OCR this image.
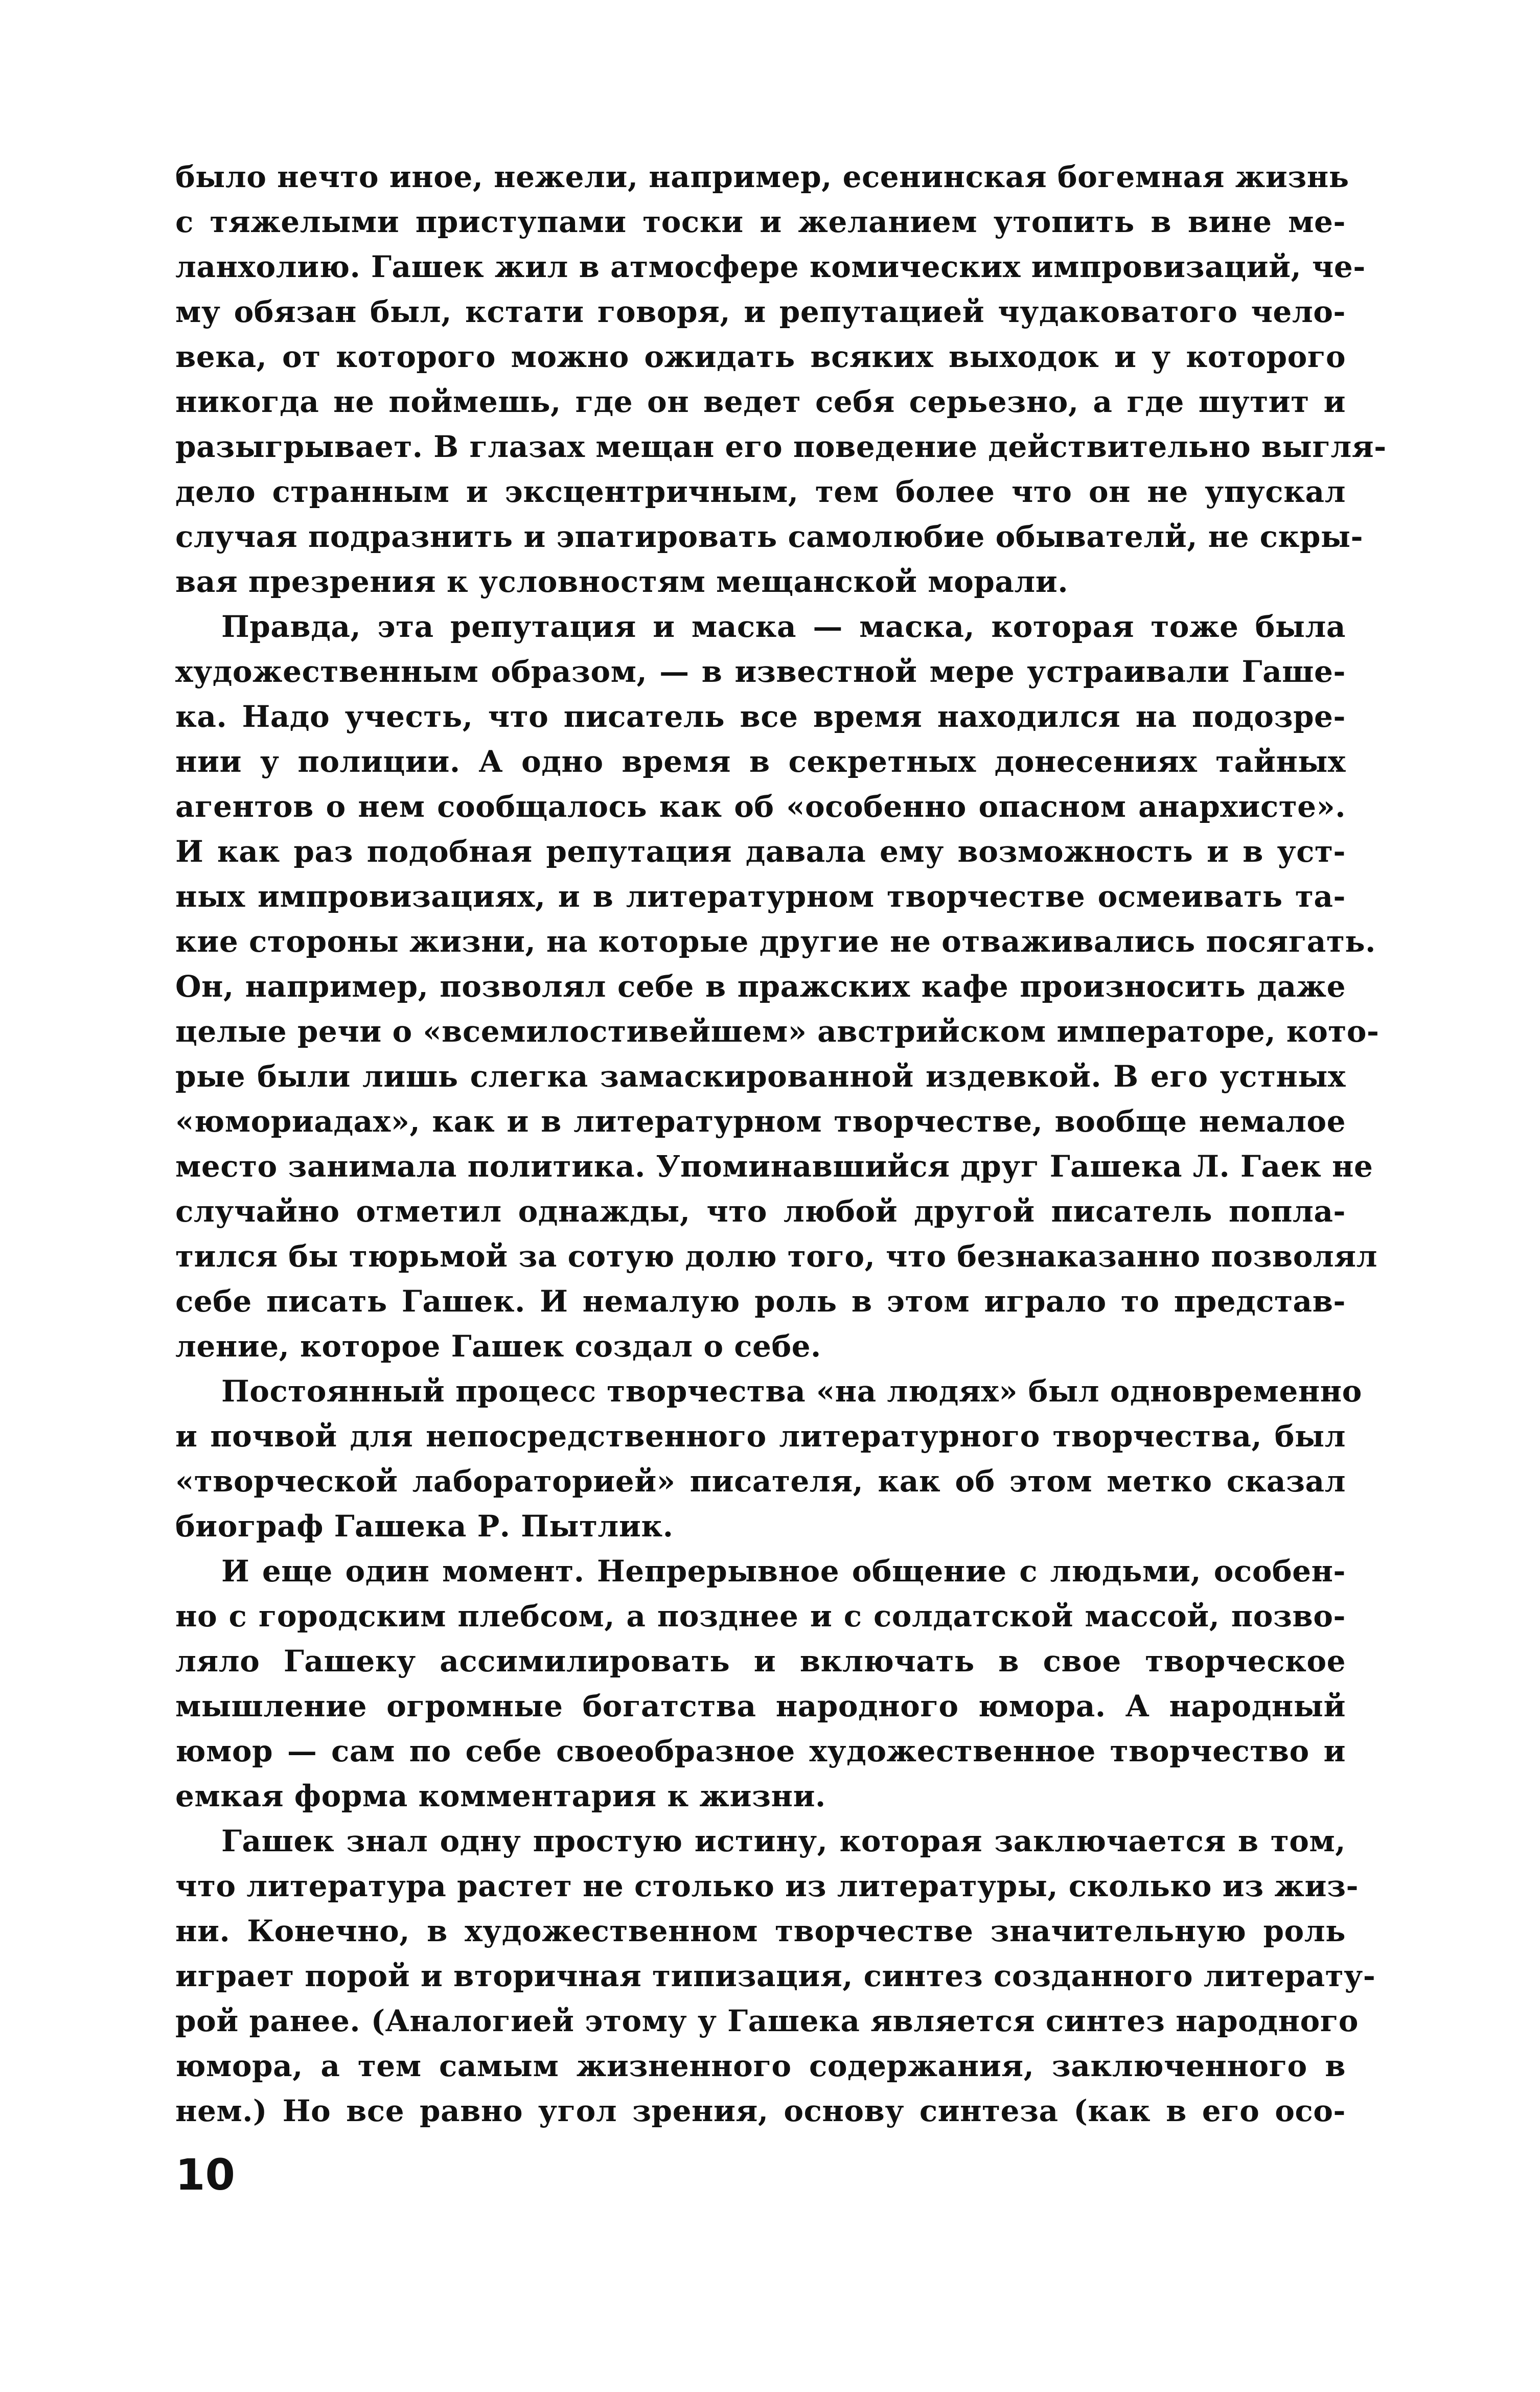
было нечто иное, нежели, например, есенинская богемная жизнь
с тяжелыми приступами тоски и желанием утопить в вине ме-
ланхолию. Гашек жил в атмосфере комических импровизаций, че-
му обязан был, кстати говоря, и репутацией чудаковатого чело-
века, от которого можно ожидать всяких выходок и у которого
никогда не поймешь, где он ведет себя серьезно, а где шутит и
разыгрывает. В глазах мещан его поведение действительно выгля-
дело странным и эксцентричным, тем более что он не упускал
случая подразнить и эпатировать самолюбие обывателй, не скры-
вая презрения к условностям мещанской морали.
Правда, эта репутация и маска — маска, которая тоже была
художественным образом, — в известной мере устраивали Гаше-
ка. Надо учесть, что писатель все время находился на подозре-
нии у полиции. А одно время в секретных донесениях тайных
агентов о нем сообщалось как об «особенно опасном анархисте».
И как раз подобная репутация давала ему возможность и в уст-
ных импровизациях, и в литературном творчестве осмеивать та-
кие стороны жизни, на которые другие не отваживались посягать.
Он, например, позволял себе в пражских кафе произносить даже
целые речи о «всемилостивейшем» австрийском императоре, кото-
рые были лишь слегка замаскированной издевкой. В его устных
«юмориадах», как и в литературном творчестве, вообще немалое
место занимала политика. Упоминавшийся друг Гашека Л. Гаек не
случайно отметил однажды, что любой другой писатель попла-
тился бы тюрьмой за сотую долю того, что безнаказанно позволял
себе писать Гашек. И немалую роль в этом играло то представ-
ление, которое Гашек создал о себе.
Постоянный процесс творчества «на людях» был одновременно
и почвой для непосредственного литературного творчества, был
«творческой лабораторией» писателя, как об этом метко сказал
биограф Гашека Р. Пытлик.
И еще один момент. Непрерывное общение с людьми, особен-
но с городским плебсом, а позднее и с солдатской массой, позво-
ляло Гашеку ассимилировать и включать в свое творческое
мышление огромные богатства народного юмора. А народный
юмор — сам по себе своеобразное художественное творчество и
емкая форма комментария к жизни.
Гашек знал одну простую истину, которая заключается в том,
что литература растет не столько из литературы, сколько из жиз-
ни. Конечно, в художественном творчестве значительную роль
играет порой и вторичная типизация, синтез созданного литерату-
рой ранее. (Аналогией этому у Гашека является синтез народного
юмора, а тем самым жизненного содержания, заключенного в
нем.) Но все равно угол зрения, основу синтеза (как в его осо-
10
